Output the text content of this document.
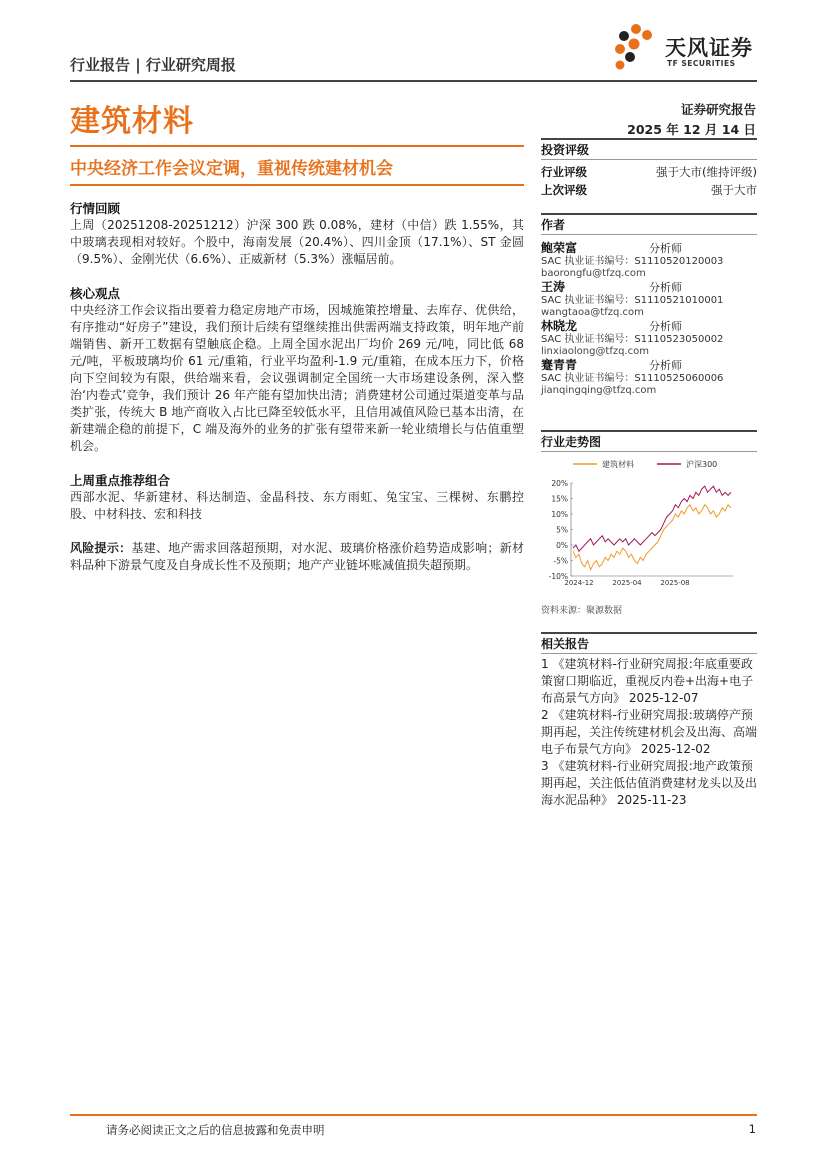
天风证券
TF SECURITIES
行业报告 | 行业研究周报
建筑材料	证券研究报告
2025 年 12 月 14 日
中央经济工作会议定调，重视传统建材机会
行情回顾
上周（20251208-20251212）沪深 300 跌 0.08%，建材（中信）跌 1.55%，其中玻璃表现相对较好。个股中，海南发展（20.4%）、四川金顶（17.1%）、ST 金圆（9.5%）、金刚光伏（6.6%）、正威新材（5.3%）涨幅居前。
核心观点
中央经济工作会议指出要着力稳定房地产市场，因城施策控增量、去库存、优供给，有序推动“好房子”建设，我们预计后续有望继续推出供需两端支持政策，明年地产前端销售、新开工数据有望触底企稳。上周全国水泥出厂均价 269 元/吨，同比低 68 元/吨，平板玻璃均价 61 元/重箱，行业平均盈利-1.9 元/重箱，在成本压力下，价格向下空间较为有限，供给端来看，会议强调制定全国统一大市场建设条例，深入整治‘内卷式’竞争，我们预计 26 年产能有望加快出清；消费建材公司通过渠道变革与品类扩张，传统大 B 地产商收入占比已降至较低水平，且信用减值风险已基本出清，在新建端企稳的前提下，C 端及海外的业务的扩张有望带来新一轮业绩增长与估值重塑机会。
上周重点推荐组合
西部水泥、华新建材、科达制造、金晶科技、东方雨虹、兔宝宝、三棵树、东鹏控股、中材科技、宏和科技
风险提示：基建、地产需求回落超预期，对水泥、玻璃价格涨价趋势造成影响；新材料品种下游景气度及自身成长性不及预期；地产产业链坏账减值损失超预期。
投资评级
行业评级	强于大市(维持评级)
上次评级	强于大市
作者
鲍荣富	分析师
SAC 执业证书编号：S1110520120003
baorongfu@tfzq.com
王涛	分析师
SAC 执业证书编号：S1110521010001
wangtaoa@tfzq.com
林晓龙	分析师
SAC 执业证书编号：S1110523050002
linxiaolong@tfzq.com
蹇青青	分析师
SAC 执业证书编号：S1110525060006
jianqingqing@tfzq.com
行业走势图
建筑材料	沪深300
20%
15%
10%
5%
0%
-5%
-10%
2024-12	2025-04	2025-08
资料来源：聚源数据
相关报告
1 《建筑材料-行业研究周报:年底重要政策窗口期临近，重视反内卷+出海+电子布高景气方向》 2025-12-07
2 《建筑材料-行业研究周报:玻璃停产预期再起，关注传统建材机会及出海、高端电子布景气方向》 2025-12-02
3 《建筑材料-行业研究周报:地产政策预期再起，关注低估值消费建材龙头以及出海水泥品种》 2025-11-23
请务必阅读正文之后的信息披露和免责申明	1
